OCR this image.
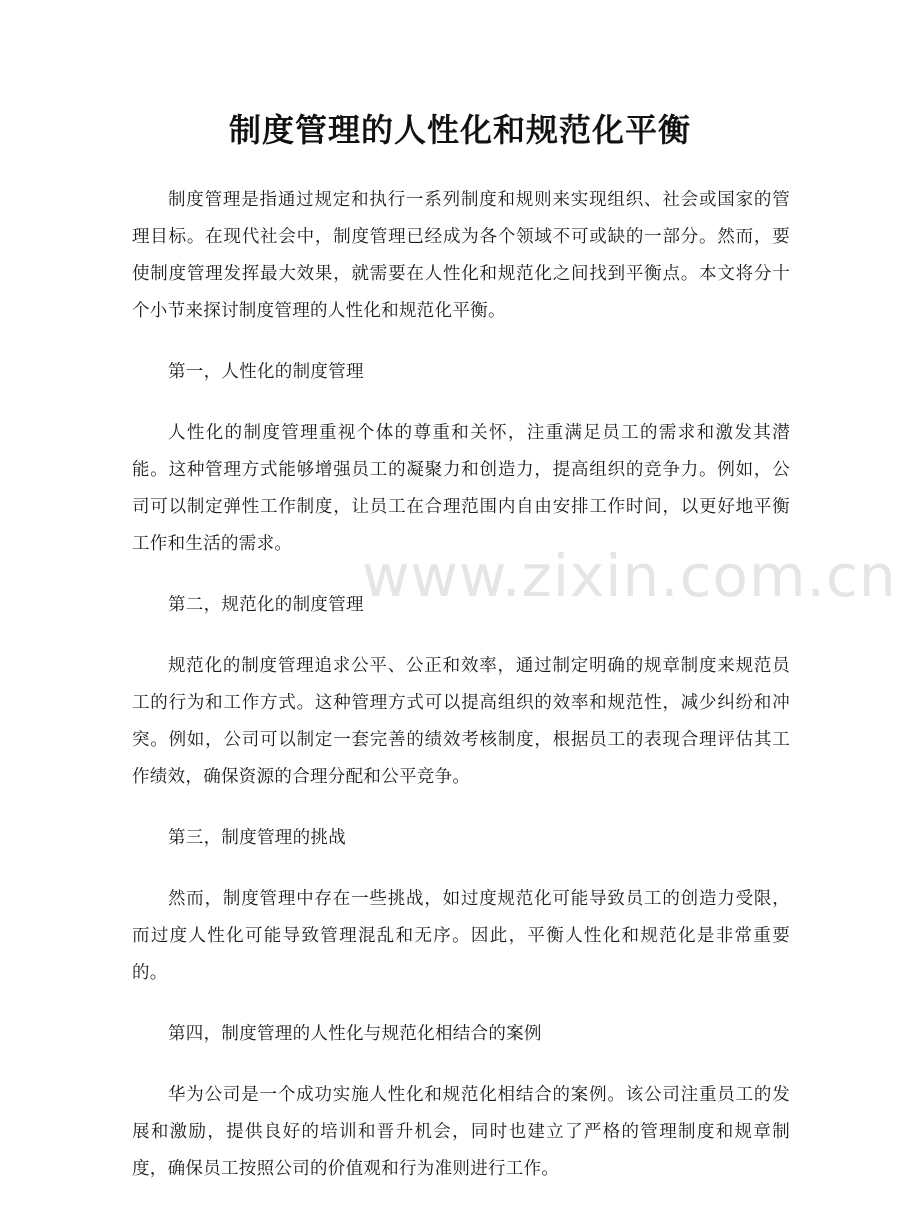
制度管理的人性化和规范化平衡

制度管理是指通过规定和执行一系列制度和规则来实现组织、社会或国家的管理目标。在现代社会中，制度管理已经成为各个领域不可或缺的一部分。然而，要使制度管理发挥最大效果，就需要在人性化和规范化之间找到平衡点。本文将分十个小节来探讨制度管理的人性化和规范化平衡。

第一，人性化的制度管理

人性化的制度管理重视个体的尊重和关怀，注重满足员工的需求和激发其潜能。这种管理方式能够增强员工的凝聚力和创造力，提高组织的竞争力。例如，公司可以制定弹性工作制度，让员工在合理范围内自由安排工作时间，以更好地平衡工作和生活的需求。

第二，规范化的制度管理

规范化的制度管理追求公平、公正和效率，通过制定明确的规章制度来规范员工的行为和工作方式。这种管理方式可以提高组织的效率和规范性，减少纠纷和冲突。例如，公司可以制定一套完善的绩效考核制度，根据员工的表现合理评估其工作绩效，确保资源的合理分配和公平竞争。

第三，制度管理的挑战

然而，制度管理中存在一些挑战，如过度规范化可能导致员工的创造力受限，而过度人性化可能导致管理混乱和无序。因此，平衡人性化和规范化是非常重要的。

第四，制度管理的人性化与规范化相结合的案例

华为公司是一个成功实施人性化和规范化相结合的案例。该公司注重员工的发展和激励，提供良好的培训和晋升机会，同时也建立了严格的管理制度和规章制度，确保员工按照公司的价值观和行为准则进行工作。

www.zixin.com.cn
